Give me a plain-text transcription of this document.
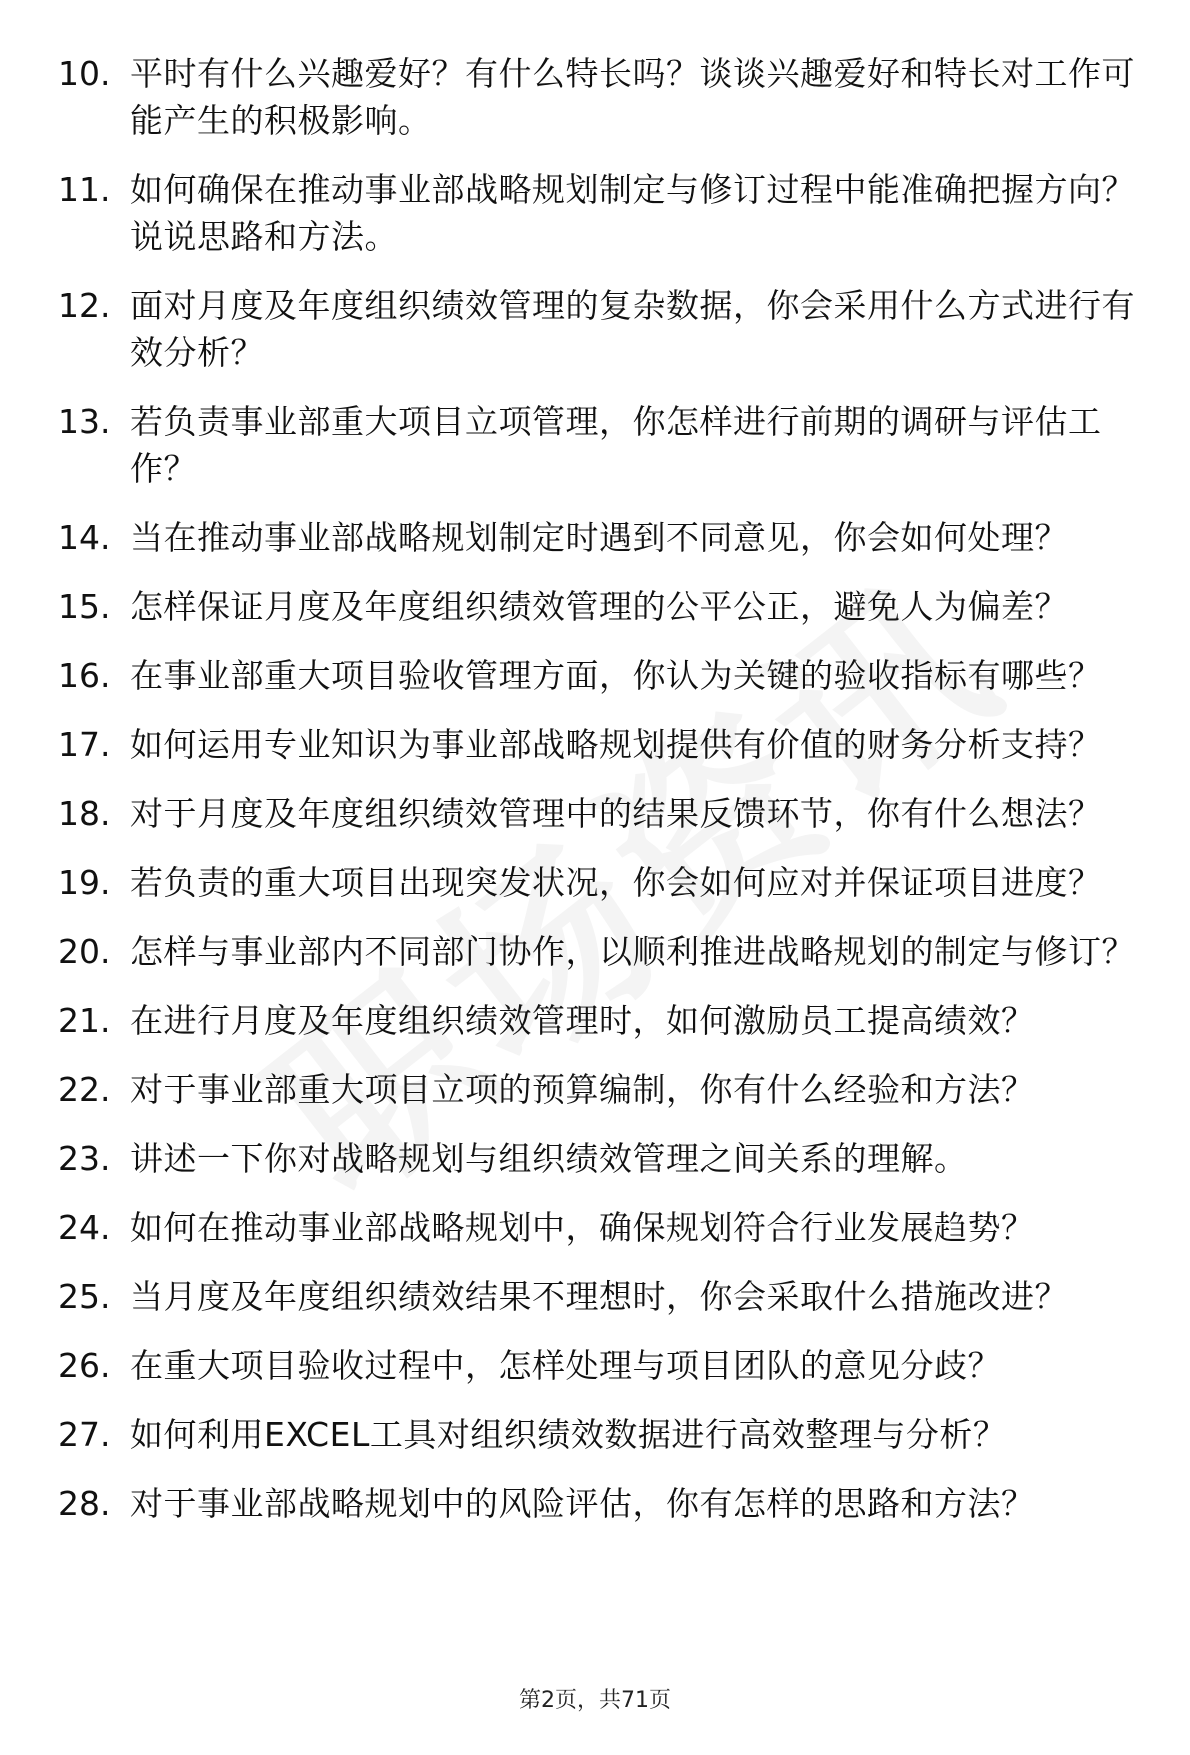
10. 平时有什么兴趣爱好？有什么特长吗？谈谈兴趣爱好和特长对工作可能产生的积极影响。
11. 如何确保在推动事业部战略规划制定与修订过程中能准确把握方向？说说思路和方法。
12. 面对月度及年度组织绩效管理的复杂数据，你会采用什么方式进行有效分析？
13. 若负责事业部重大项目立项管理，你怎样进行前期的调研与评估工作？
14. 当在推动事业部战略规划制定时遇到不同意见，你会如何处理？
15. 怎样保证月度及年度组织绩效管理的公平公正，避免人为偏差？
16. 在事业部重大项目验收管理方面，你认为关键的验收指标有哪些？
17. 如何运用专业知识为事业部战略规划提供有价值的财务分析支持？
18. 对于月度及年度组织绩效管理中的结果反馈环节，你有什么想法？
19. 若负责的重大项目出现突发状况，你会如何应对并保证项目进度？
20. 怎样与事业部内不同部门协作，以顺利推进战略规划的制定与修订？
21. 在进行月度及年度组织绩效管理时，如何激励员工提高绩效？
22. 对于事业部重大项目立项的预算编制，你有什么经验和方法？
23. 讲述一下你对战略规划与组织绩效管理之间关系的理解。
24. 如何在推动事业部战略规划中，确保规划符合行业发展趋势？
25. 当月度及年度组织绩效结果不理想时，你会采取什么措施改进？
26. 在重大项目验收过程中，怎样处理与项目团队的意见分歧？
27. 如何利用EXCEL工具对组织绩效数据进行高效整理与分析？
28. 对于事业部战略规划中的风险评估，你有怎样的思路和方法？
第2页，共71页
